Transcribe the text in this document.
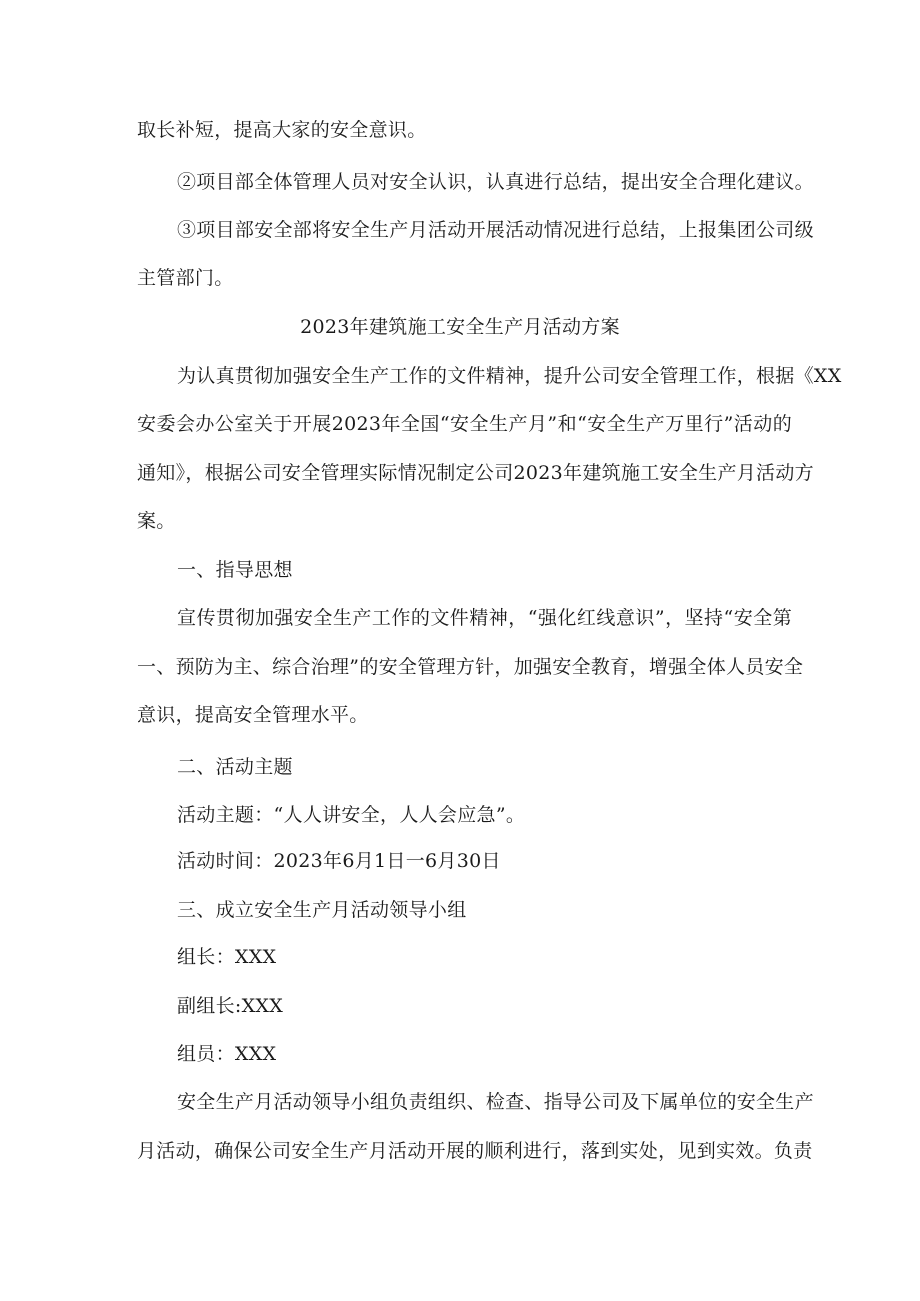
取长补短，提高大家的安全意识。

②项目部全体管理人员对安全认识，认真进行总结，提出安全合理化建议。

③项目部安全部将安全生产月活动开展活动情况进行总结，上报集团公司级

主管部门。

2023年建筑施工安全生产月活动方案

为认真贯彻加强安全生产工作的文件精神，提升公司安全管理工作，根据《XX

安委会办公室关于开展2023年全国“安全生产月”和“安全生产万里行”活动的

通知》，根据公司安全管理实际情况制定公司2023年建筑施工安全生产月活动方

案。

一、指导思想

宣传贯彻加强安全生产工作的文件精神，“强化红线意识”，坚持“安全第

一、预防为主、综合治理”的安全管理方针，加强安全教育，增强全体人员安全

意识，提高安全管理水平。

二、活动主题

活动主题：“人人讲安全，人人会应急”。

活动时间：2023年6月1日一6月30日

三、成立安全生产月活动领导小组

组长：XXX

副组长:XXX

组员：XXX

安全生产月活动领导小组负责组织、检查、指导公司及下属单位的安全生产

月活动，确保公司安全生产月活动开展的顺利进行，落到实处，见到实效。负责
